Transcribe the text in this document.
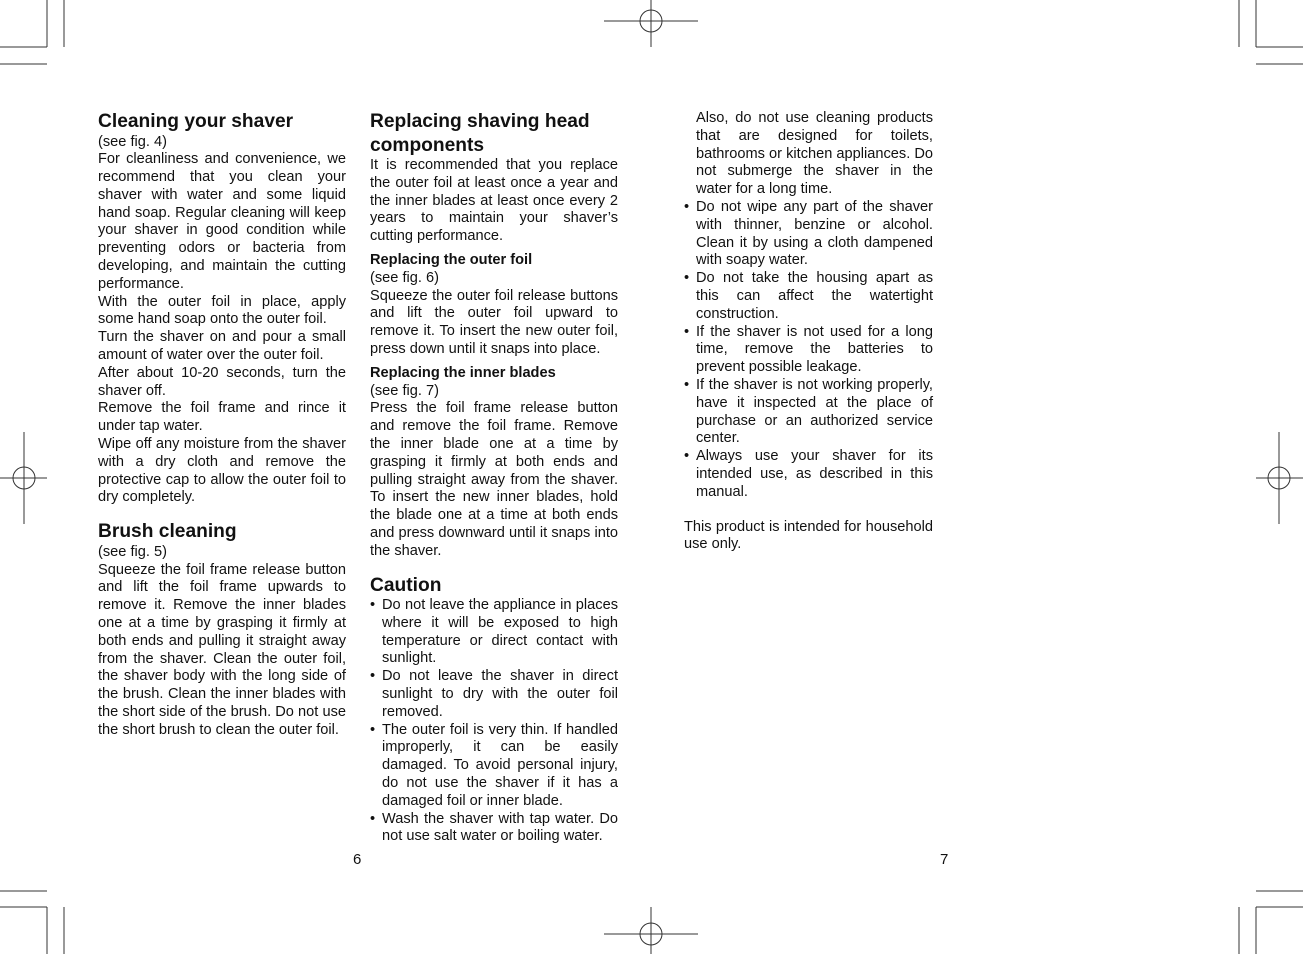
Cleaning your shaver

(see fig. 4)

For cleanliness and convenience, we recommend that you clean your shaver with water and some liquid hand soap. Regular cleaning will keep your shaver in good condition while preventing odors or bacteria from developing, and maintain the cutting performance.

With the outer foil in place, apply some hand soap onto the outer foil.

Turn the shaver on and pour a small amount of water over the outer foil.

After about 10-20 seconds, turn the shaver off.

Remove the foil frame and rince it under tap water.

Wipe off any moisture from the shaver with a dry cloth and remove the protective cap to allow the outer foil to dry completely.

Brush cleaning

(see fig. 5)

Squeeze the foil frame release button and lift the foil frame upwards to remove it. Remove the inner blades one at a time by grasping it firmly at both ends and pulling it straight away from the shaver. Clean the outer foil, the shaver body with the long side of the brush. Clean the inner blades with the short side of the brush. Do not use the short brush to clean the outer foil.

Replacing shaving head components

It is recommended that you replace the outer foil at least once a year and the inner blades at least once every 2 years to maintain your shaver’s cutting performance.

Replacing the outer foil

(see fig. 6)

Squeeze the outer foil release buttons and lift the outer foil upward to remove it. To insert the new outer foil, press down until it snaps into place.

Replacing the inner blades

(see fig. 7)

Press the foil frame release button and remove the foil frame. Remove the inner blade one at a time by grasping it firmly at both ends and pulling straight away from the shaver. To insert the new inner blades, hold the blade one at a time at both ends and press downward until it snaps into the shaver.

Caution
• Do not leave the appliance in places where it will be exposed to high temperature or direct contact with sunlight.
• Do not leave the shaver in direct sunlight to dry with the outer foil removed.
• The outer foil is very thin. If handled improperly, it can be easily damaged. To avoid personal injury, do not use the shaver if it has a damaged foil or inner blade.
• Wash the shaver with tap water. Do not use salt water or boiling water.

Also, do not use cleaning products that are designed for toilets, bathrooms or kitchen appliances. Do not submerge the shaver in the water for a long time.

• Do not wipe any part of the shaver with thinner, benzine or alcohol. Clean it by using a cloth dampened with soapy water.
• Do not take the housing apart as this can affect the watertight construction.
• If the shaver is not used for a long time, remove the batteries to prevent possible leakage.
• If the shaver is not working properly, have it inspected at the place of purchase or an authorized service center.
• Always use your shaver for its intended use, as described in this manual.

This product is intended for household use only.

6	7
